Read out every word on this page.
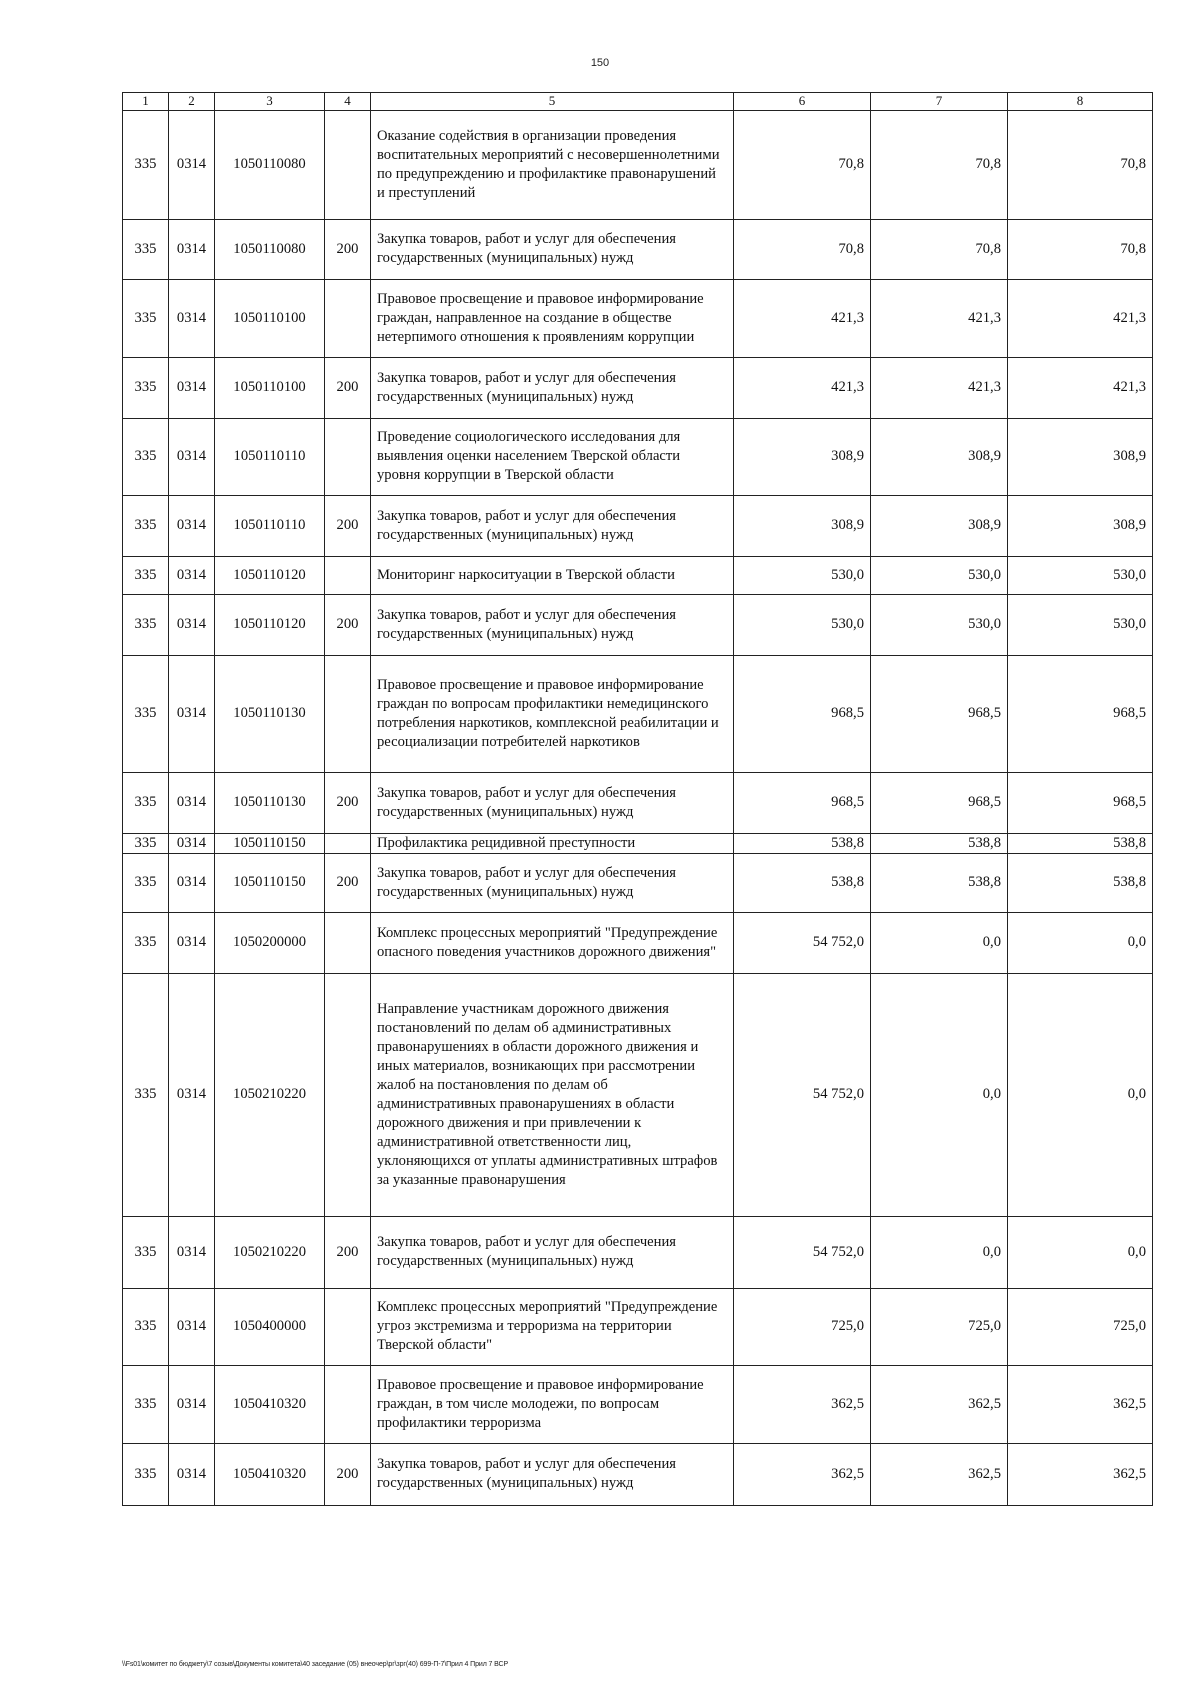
150
1	2	3	4	5	6	7	8
335	0314	1050110080		Оказание содействия в организации проведения воспитательных мероприятий с несовершеннолетними по предупреждению и профилактике правонарушений и преступлений	70,8	70,8	70,8
335	0314	1050110080	200	Закупка товаров, работ и услуг для обеспечения государственных (муниципальных) нужд	70,8	70,8	70,8
335	0314	1050110100		Правовое просвещение и правовое информирование граждан, направленное на создание в обществе нетерпимого отношения к проявлениям коррупции	421,3	421,3	421,3
335	0314	1050110100	200	Закупка товаров, работ и услуг для обеспечения государственных (муниципальных) нужд	421,3	421,3	421,3
335	0314	1050110110		Проведение социологического исследования для выявления оценки населением Тверской области уровня коррупции в Тверской области	308,9	308,9	308,9
335	0314	1050110110	200	Закупка товаров, работ и услуг для обеспечения государственных (муниципальных) нужд	308,9	308,9	308,9
335	0314	1050110120		Мониторинг наркоситуации в Тверской области	530,0	530,0	530,0
335	0314	1050110120	200	Закупка товаров, работ и услуг для обеспечения государственных (муниципальных) нужд	530,0	530,0	530,0
335	0314	1050110130		Правовое просвещение и правовое информирование граждан по вопросам профилактики немедицинского потребления наркотиков, комплексной реабилитации и ресоциализации потребителей наркотиков	968,5	968,5	968,5
335	0314	1050110130	200	Закупка товаров, работ и услуг для обеспечения государственных (муниципальных) нужд	968,5	968,5	968,5
335	0314	1050110150		Профилактика рецидивной преступности	538,8	538,8	538,8
335	0314	1050110150	200	Закупка товаров, работ и услуг для обеспечения государственных (муниципальных) нужд	538,8	538,8	538,8
335	0314	1050200000		Комплекс процессных мероприятий "Предупреждение опасного поведения участников дорожного движения"	54 752,0	0,0	0,0
335	0314	1050210220		Направление участникам дорожного движения постановлений по делам об административных правонарушениях в области дорожного движения и иных материалов, возникающих при рассмотрении жалоб на постановления по делам об административных правонарушениях в области дорожного движения и при привлечении к административной ответственности лиц, уклоняющихся от уплаты административных штрафов за указанные правонарушения	54 752,0	0,0	0,0
335	0314	1050210220	200	Закупка товаров, работ и услуг для обеспечения государственных (муниципальных) нужд	54 752,0	0,0	0,0
335	0314	1050400000		Комплекс процессных мероприятий "Предупреждение угроз экстремизма и терроризма на территории Тверской области"	725,0	725,0	725,0
335	0314	1050410320		Правовое просвещение и правовое информирование граждан, в том числе молодежи, по вопросам профилактики терроризма	362,5	362,5	362,5
335	0314	1050410320	200	Закупка товаров, работ и услуг для обеспечения государственных (муниципальных) нужд	362,5	362,5	362,5
\\Fs01\комитет по бюджету\7 созыв\Документы комитета\40 заседание (05) внеочер\рг\зрг(40) 699-П-7\Прил 4 Прил 7 ВСР
